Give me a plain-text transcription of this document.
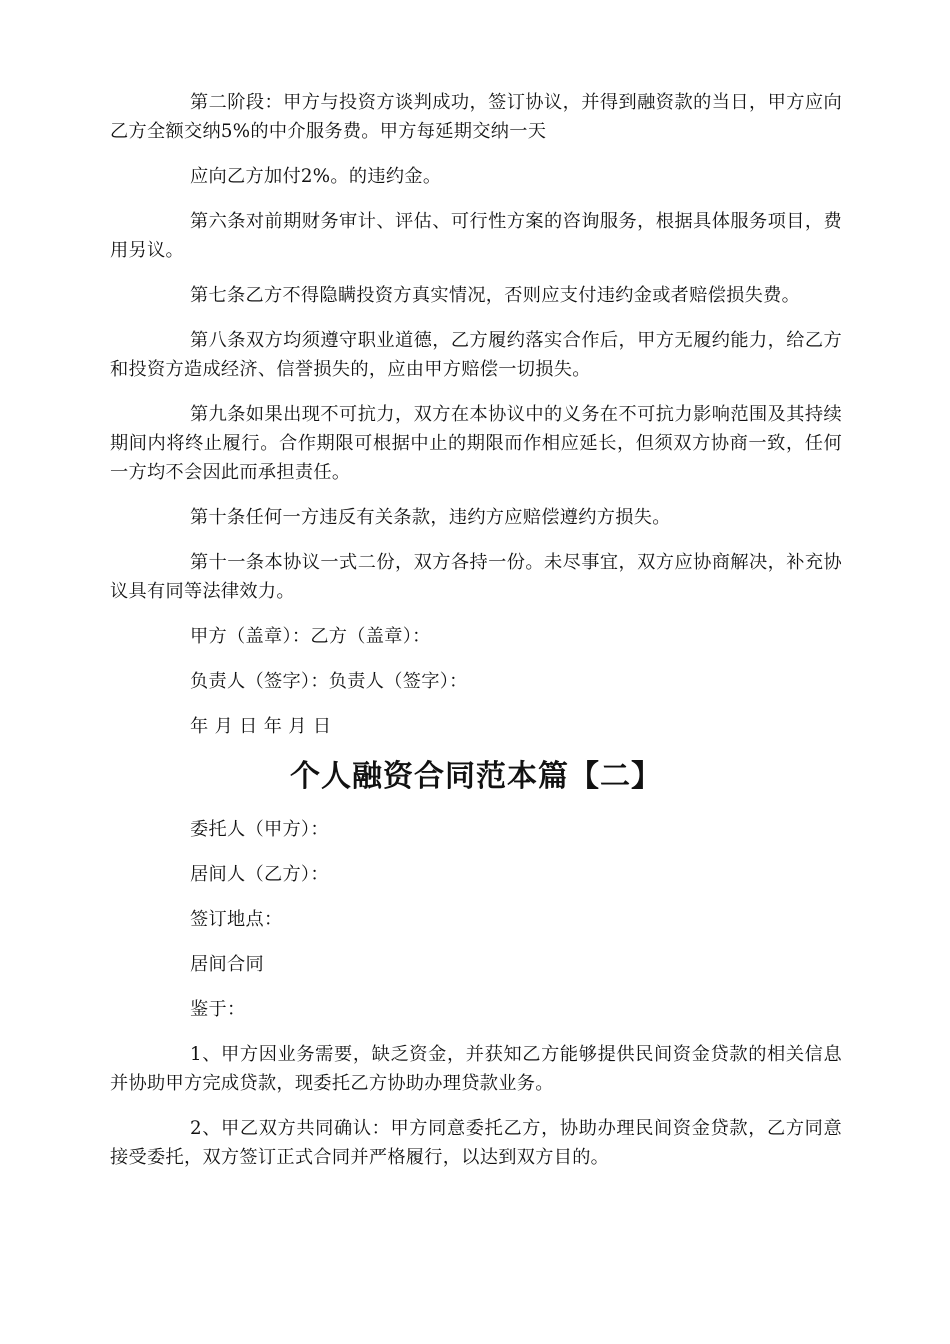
第二阶段：甲方与投资方谈判成功，签订协议，并得到融资款的当日，甲方应向乙方全额交纳5%的中介服务费。甲方每延期交纳一天

应向乙方加付2%。的违约金。

第六条对前期财务审计、评估、可行性方案的咨询服务，根据具体服务项目，费用另议。

第七条乙方不得隐瞒投资方真实情况，否则应支付违约金或者赔偿损失费。

第八条双方均须遵守职业道德，乙方履约落实合作后，甲方无履约能力，给乙方和投资方造成经济、信誉损失的，应由甲方赔偿一切损失。

第九条如果出现不可抗力，双方在本协议中的义务在不可抗力影响范围及其持续期间内将终止履行。合作期限可根据中止的期限而作相应延长，但须双方协商一致，任何一方均不会因此而承担责任。

第十条任何一方违反有关条款，违约方应赔偿遵约方损失。

第十一条本协议一式二份，双方各持一份。未尽事宜，双方应协商解决，补充协议具有同等法律效力。

甲方（盖章）：乙方（盖章）：

负责人（签字）：负责人（签字）：

年 月 日 年 月 日

个人融资合同范本篇【二】

委托人（甲方）：

居间人（乙方）：

签订地点：

居间合同

鉴于：

1、甲方因业务需要，缺乏资金，并获知乙方能够提供民间资金贷款的相关信息并协助甲方完成贷款，现委托乙方协助办理贷款业务。

2、甲乙双方共同确认：甲方同意委托乙方，协助办理民间资金贷款，乙方同意接受委托，双方签订正式合同并严格履行，以达到双方目的。
